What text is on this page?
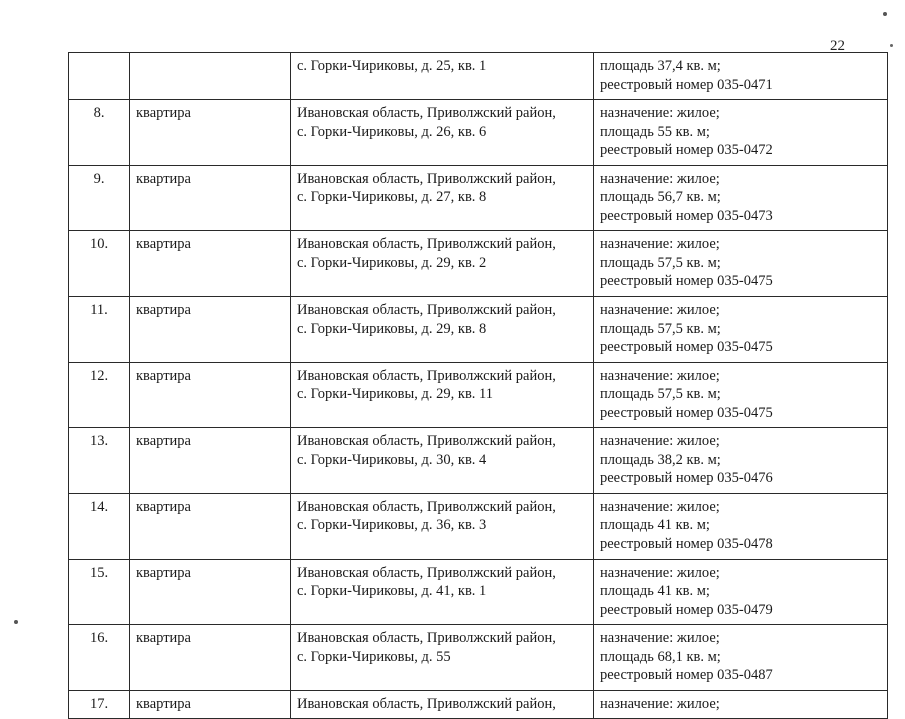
22

		с. Горки-Чириковы, д. 25, кв. 1	площадь 37,4 кв. м;
реестровый номер 035-0471

8.	квартира	Ивановская область, Приволжский район,
с. Горки-Чириковы, д. 26, кв. 6	назначение: жилое;
площадь 55 кв. м;
реестровый номер 035-0472

9.	квартира	Ивановская область, Приволжский район,
с. Горки-Чириковы, д. 27, кв. 8	назначение: жилое;
площадь 56,7 кв. м;
реестровый номер 035-0473

10.	квартира	Ивановская область, Приволжский район,
с. Горки-Чириковы, д. 29, кв. 2	назначение: жилое;
площадь 57,5 кв. м;
реестровый номер 035-0475

11.	квартира	Ивановская область, Приволжский район,
с. Горки-Чириковы, д. 29, кв. 8	назначение: жилое;
площадь 57,5 кв. м;
реестровый номер 035-0475

12.	квартира	Ивановская область, Приволжский район,
с. Горки-Чириковы, д. 29, кв. 11	назначение: жилое;
площадь 57,5 кв. м;
реестровый номер 035-0475

13.	квартира	Ивановская область, Приволжский район,
с. Горки-Чириковы, д. 30, кв. 4	назначение: жилое;
площадь 38,2 кв. м;
реестровый номер 035-0476

14.	квартира	Ивановская область, Приволжский район,
с. Горки-Чириковы, д. 36, кв. 3	назначение: жилое;
площадь 41 кв. м;
реестровый номер 035-0478

15.	квартира	Ивановская область, Приволжский район,
с. Горки-Чириковы, д. 41, кв. 1	назначение: жилое;
площадь 41 кв. м;
реестровый номер 035-0479

16.	квартира	Ивановская область, Приволжский район,
с. Горки-Чириковы, д. 55	назначение: жилое;
площадь 68,1 кв. м;
реестровый номер 035-0487

17.	квартира	Ивановская область, Приволжский район,	назначение: жилое;
